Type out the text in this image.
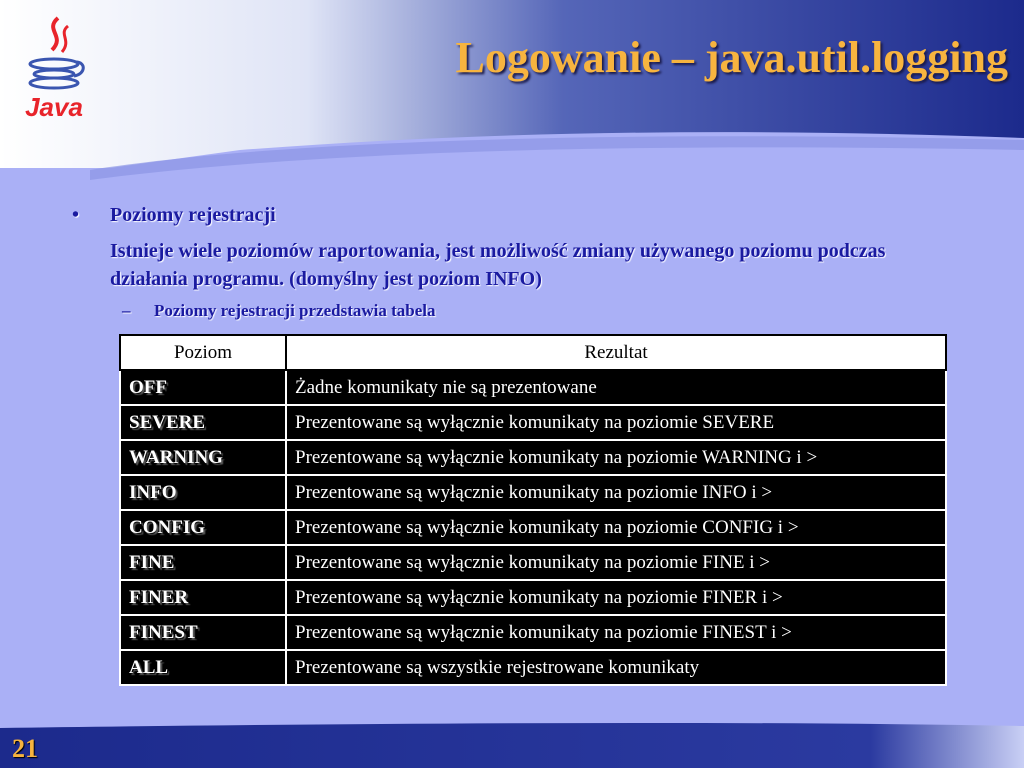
Java
Logowanie – java.util.logging
•	Poziomy rejestracji
Istnieje wiele poziomów raportowania, jest możliwość zmiany używanego poziomu podczas działania programu. (domyślny jest poziom INFO)
–	Poziomy rejestracji przedstawia tabela
Poziom	Rezultat
OFF	Żadne komunikaty nie są prezentowane
SEVERE	Prezentowane są wyłącznie komunikaty na poziomie SEVERE
WARNING	Prezentowane są wyłącznie komunikaty na poziomie WARNING i >
INFO	Prezentowane są wyłącznie komunikaty na poziomie INFO i >
CONFIG	Prezentowane są wyłącznie komunikaty na poziomie CONFIG i >
FINE	Prezentowane są wyłącznie komunikaty na poziomie FINE i >
FINER	Prezentowane są wyłącznie komunikaty na poziomie FINER i >
FINEST	Prezentowane są wyłącznie komunikaty na poziomie FINEST i >
ALL	Prezentowane są wszystkie rejestrowane komunikaty
21
